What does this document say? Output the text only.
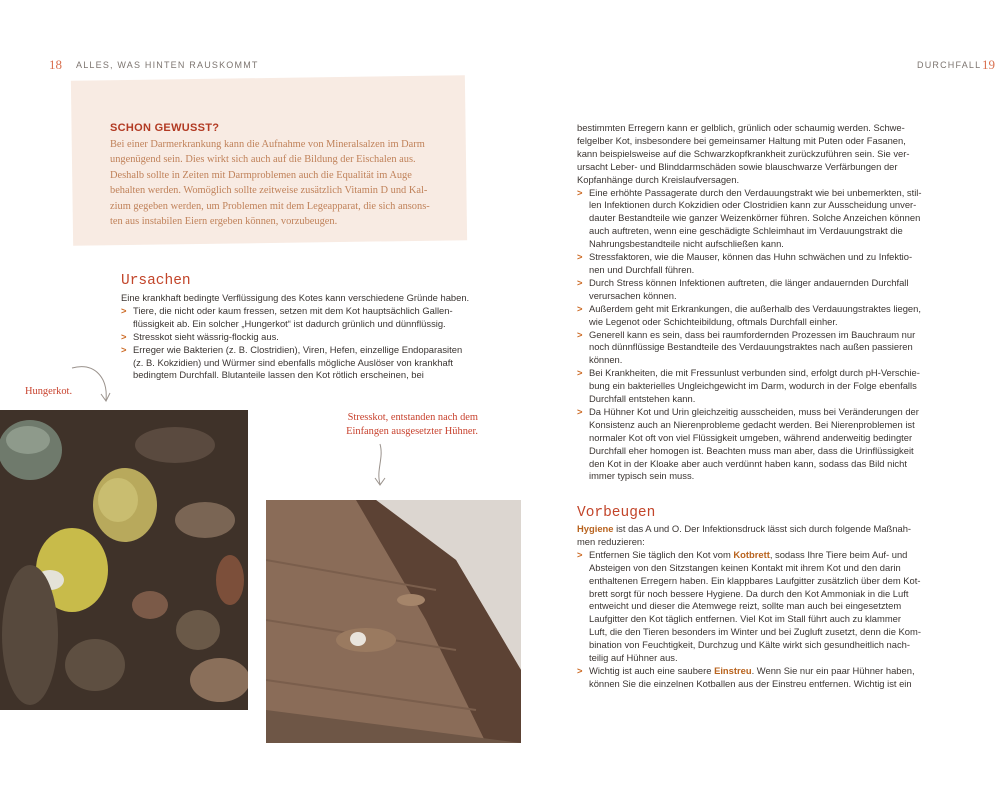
18 ALLES, WAS HINTEN RAUSKOMMT	DURCHFALL 19
SCHON GEWUSST?
Bei einer Darmerkrankung kann die Aufnahme von Mineralsalzen im Darm
ungenügend sein. Dies wirkt sich auch auf die Bildung der Eischalen aus.
Deshalb sollte in Zeiten mit Darmproblemen auch die Equalität im Auge
behalten werden. Womöglich sollte zeitweise zusätzlich Vitamin D und Kal-
zium gegeben werden, um Problemen mit dem Legeapparat, die sich ansons-
ten aus instabilen Eiern ergeben können, vorzubeugen.
Ursachen
Eine krankhaft bedingte Verflüssigung des Kotes kann verschiedene Gründe haben.
> Tiere, die nicht oder kaum fressen, setzen mit dem Kot hauptsächlich Gallen-
flüssigkeit ab. Ein solcher „Hungerkot“ ist dadurch grünlich und dünnflüssig.
> Stresskot sieht wässrig-flockig aus.
> Erreger wie Bakterien (z. B. Clostridien), Viren, Hefen, einzellige Endoparasiten
(z. B. Kokzidien) und Würmer sind ebenfalls mögliche Auslöser von krankhaft
bedingtem Durchfall. Blutanteile lassen den Kot rötlich erscheinen, bei
Hungerkot.
Stresskot, entstanden nach dem
Einfangen ausgesetzter Hühner.
bestimmten Erregern kann er gelblich, grünlich oder schaumig werden. Schwe-
felgelber Kot, insbesondere bei gemeinsamer Haltung mit Puten oder Fasanen,
kann beispielsweise auf die Schwarzkopfkrankheit zurückzuführen sein. Sie ver-
ursacht Leber- und Blinddarmschäden sowie blauschwarze Verfärbungen der
Kopfanhänge durch Kreislaufversagen.
> Eine erhöhte Passagerate durch den Verdauungstrakt wie bei unbemerkten, stil-
len Infektionen durch Kokzidien oder Clostridien kann zur Ausscheidung unver-
dauter Bestandteile wie ganzer Weizenkörner führen. Solche Anzeichen können
auch auftreten, wenn eine geschädigte Schleimhaut im Verdauungstrakt die
Nahrungsbestandteile nicht aufschließen kann.
> Stressfaktoren, wie die Mauser, können das Huhn schwächen und zu Infektio-
nen und Durchfall führen.
> Durch Stress können Infektionen auftreten, die länger andauernden Durchfall
verursachen können.
> Außerdem geht mit Erkrankungen, die außerhalb des Verdauungstraktes liegen,
wie Legenot oder Schichteibildung, oftmals Durchfall einher.
> Generell kann es sein, dass bei raumfordernden Prozessen im Bauchraum nur
noch dünnflüssige Bestandteile des Verdauungstraktes nach außen passieren
können.
> Bei Krankheiten, die mit Fressunlust verbunden sind, erfolgt durch pH-Verschie-
bung ein bakterielles Ungleichgewicht im Darm, wodurch in der Folge ebenfalls
Durchfall entstehen kann.
> Da Hühner Kot und Urin gleichzeitig ausscheiden, muss bei Veränderungen der
Konsistenz auch an Nierenprobleme gedacht werden. Bei Nierenproblemen ist
normaler Kot oft von viel Flüssigkeit umgeben, während anderweitig bedingter
Durchfall eher homogen ist. Beachten muss man aber, dass die Urinflüssigkeit
den Kot in der Kloake aber auch verdünnt haben kann, sodass das Bild nicht
immer typisch sein muss.
Vorbeugen
Hygiene ist das A und O. Der Infektionsdruck lässt sich durch folgende Maßnah-
men reduzieren:
> Entfernen Sie täglich den Kot vom Kotbrett, sodass Ihre Tiere beim Auf- und
Absteigen von den Sitzstangen keinen Kontakt mit ihrem Kot und den darin
enthaltenen Erregern haben. Ein klappbares Laufgitter zusätzlich über dem Kot-
brett sorgt für noch bessere Hygiene. Da durch den Kot Ammoniak in die Luft
entweicht und dieser die Atemwege reizt, sollte man auch bei eingesetztem
Laufgitter den Kot täglich entfernen. Viel Kot im Stall führt auch zu klammer
Luft, die den Tieren besonders im Winter und bei Zugluft zusetzt, denn die Kom-
bination von Feuchtigkeit, Durchzug und Kälte wirkt sich gesundheitlich nach-
teilig auf Hühner aus.
> Wichtig ist auch eine saubere Einstreu. Wenn Sie nur ein paar Hühner haben,
können Sie die einzelnen Kotballen aus der Einstreu entfernen. Wichtig ist ein
